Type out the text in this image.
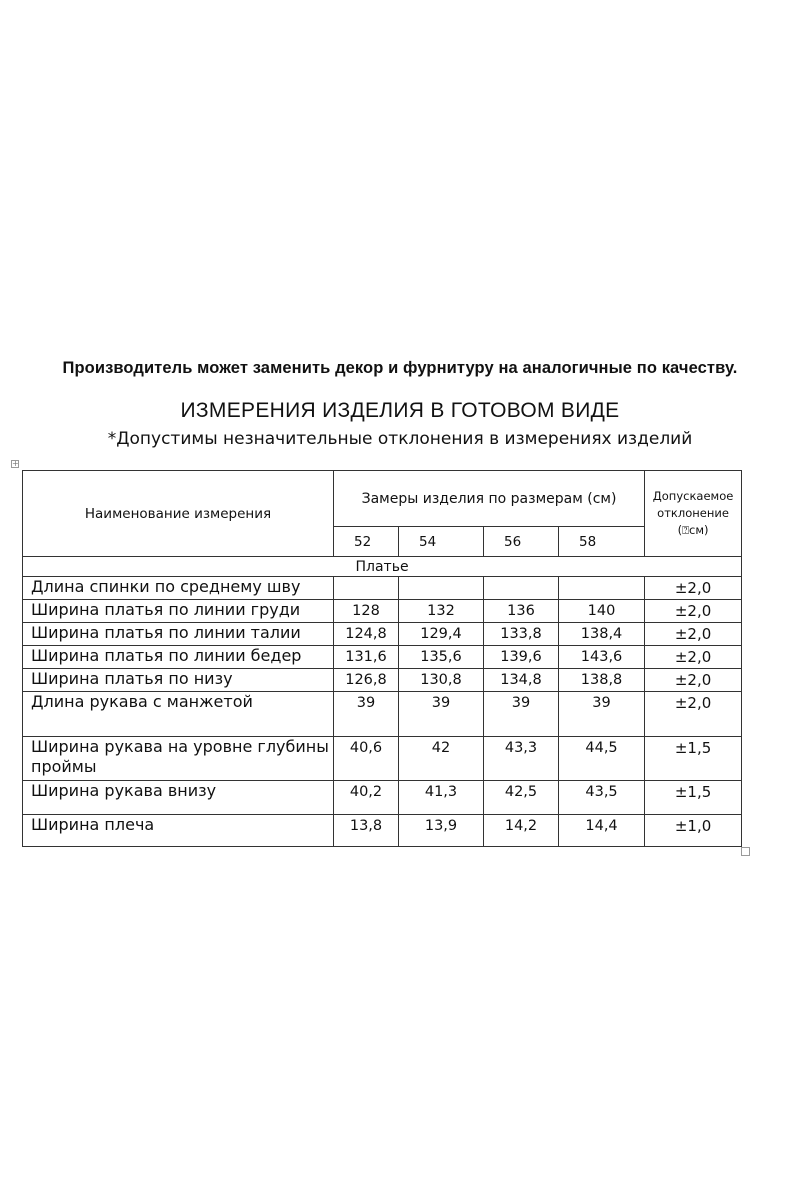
Производитель может заменить декор и фурнитуру на аналогичные по качеству.
ИЗМЕРЕНИЯ ИЗДЕЛИЯ В ГОТОВОМ ВИДЕ
*Допустимы незначительные отклонения в измерениях изделий
+
Наименование измерения	Замеры изделия по размерам (см)				Допускаемое
отклонение
(⍰см)

	52	54	56	58	
Платье					
Длина спинки по среднему шву					±2,0
Ширина платья по линии груди	128	132	136	140	±2,0
Ширина платья по линии талии	124,8	129,4	133,8	138,4	±2,0
Ширина платья по линии бедер	131,6	135,6	139,6	143,6	±2,0
Ширина платья по низу	126,8	130,8	134,8	138,8	±2,0
Длина рукава с манжетой	39	39	39	39	±2,0
Ширина рукава на уровне глубины проймы	40,6	42	43,3	44,5	±1,5
Ширина рукава внизу	40,2	41,3	42,5	43,5	±1,5
Ширина плеча	13,8	13,9	14,2	14,4	±1,0
